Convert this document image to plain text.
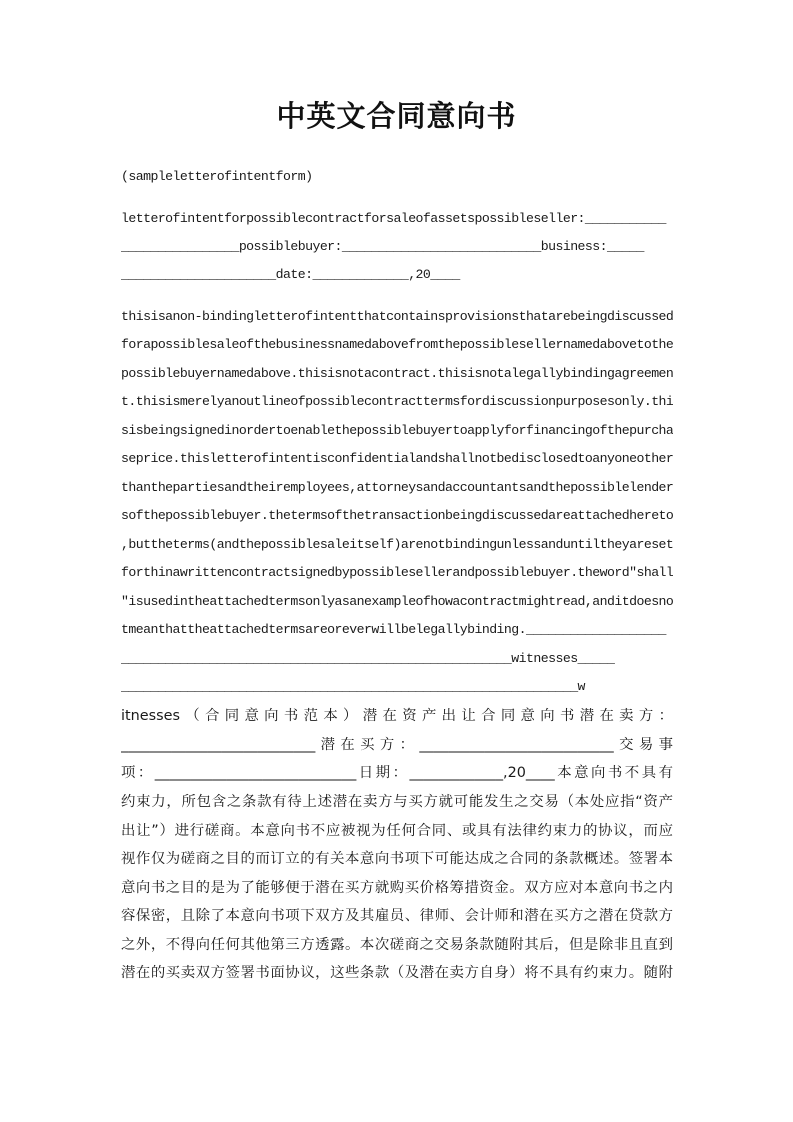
中英文合同意向书
(sampleletterofintentform)
letterofintentforpossiblecontractforsaleofassetspossibleseller:___________
________________possiblebuyer:___________________________business:_____
_____________________date:_____________,20____
thisisanon-bindingletterofintentthatcontainsprovisionsthatarebeingdiscussed
forapossiblesaleofthebusinessnamedabovefromthepossiblesellernamedabovetothe
possiblebuyernamedabove.thisisnotacontract.thisisnotalegallybindingagreemen
t.thisismerelyanoutlineofpossiblecontracttermsfordiscussionpurposesonly.thi
sisbeingsignedinordertoenablethepossiblebuyertoapplyforfinancingofthepurcha
seprice.thisletterofintentisconfidentialandshallnotbedisclosedtoanyoneother
thanthepartiesandtheiremployees,attorneysandaccountantsandthepossiblelender
softhepossiblebuyer.thetermsofthetransactionbeingdiscussedareattachedhereto
,buttheterms(andthepossiblesaleitself)arenotbindingunlessanduntiltheyareset
forthinawrittencontractsignedbypossiblesellerandpossiblebuyer.theword"shall
"isusedintheattachedtermsonlyasanexampleofhowacontractmightread,anditdoesno
tmeanthattheattachedtermsareoreverwillbelegallybinding.___________________
_____________________________________________________witnesses_____
______________________________________________________________w
itnesses（合同意向书范本）潜在资产出让合同意向书潜在卖方：
___________________________潜在买方：___________________________交易事
项：____________________________日期：_____________,20____本意向书不具有
约束力，所包含之条款有待上述潜在卖方与买方就可能发生之交易（本处应指“资产
出让”）进行磋商。本意向书不应被视为任何合同、或具有法律约束力的协议，而应
视作仅为磋商之目的而订立的有关本意向书项下可能达成之合同的条款概述。签署本
意向书之目的是为了能够便于潜在买方就购买价格筹措资金。双方应对本意向书之内
容保密，且除了本意向书项下双方及其雇员、律师、会计师和潜在买方之潜在贷款方
之外，不得向任何其他第三方透露。本次磋商之交易条款随附其后，但是除非且直到
潜在的买卖双方签署书面协议，这些条款（及潜在卖方自身）将不具有约束力。随附
